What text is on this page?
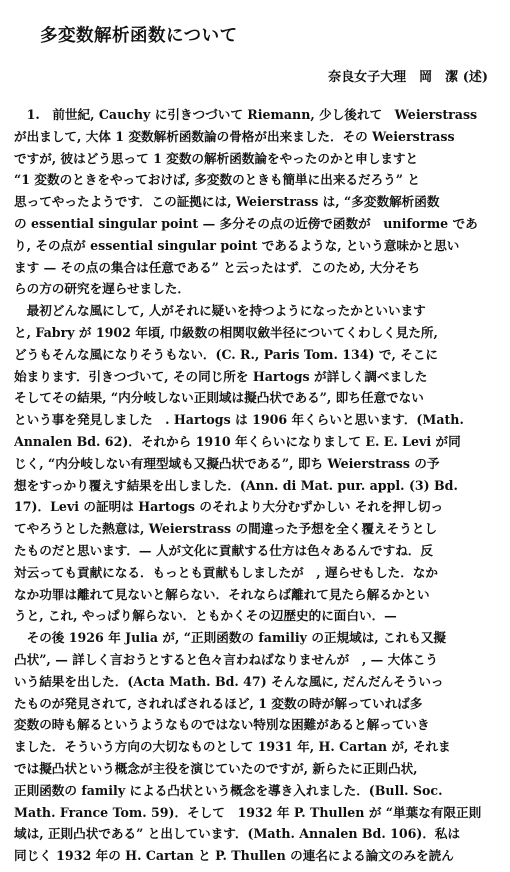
多変数解析函数について
奈良女子大理　岡　潔 (述)
　1.　前世紀, Cauchy に引きつづいて Riemann, 少し後れて　Weierstrass
が出まして, 大体 1 変数解析函数論の骨格が出来ました．その Weierstrass
ですが, 彼はどう思って 1 変数の解析函数論をやったのかと申しますと
“1 変数のときをやっておけば, 多変数のときも簡単に出来るだろう” と
思ってやったようです．この証拠には, Weierstrass は, “多変数解析函数
の essential singular point — 多分その点の近傍で函数が　uniforme であ
り, その点が essential singular point であるような, という意味かと思い
ます — その点の集合は任意である” と云ったはず．このため, 大分そち
らの方の研究を遅らせました．
　最初どんな風にして, 人がそれに疑いを持つようになったかといいます
と, Fabry が 1902 年頃, 巾級数の相関収斂半径についてくわしく見た所,
どうもそんな風になりそうもない．(C. R., Paris Tom. 134) で, そこに
始まります．引きつづいて, その同じ所を Hartogs が詳しく調べました
そしてその結果, “内分岐しない正則域は擬凸状である”, 即ち任意でない
という事を発見しました　. Hartogs は 1906 年くらいと思います．(Math.
Annalen Bd. 62)．それから 1910 年くらいになりまして E. E. Levi が同
じく, “内分岐しない有理型域も又擬凸状である”, 即ち Weierstrass の予
想をすっかり覆えす結果を出しました．(Ann. di Mat. pur. appl. (3) Bd.
17)．Levi の証明は Hartogs のそれより大分むずかしい それを押し切っ
てやろうとした熱意は, Weierstrass の間違った予想を全く覆えそうとし
たものだと思います．— 人が文化に貢献する仕方は色々あるんですね．反
対云っても貢献になる．もっとも貢献もしましたが　, 遅らせもした．なか
なか功罪は離れて見ないと解らない．それならば離れて見たら解るかとい
うと, これ, やっぱり解らない．ともかくその辺歴史的に面白い．—
　その後 1926 年 Julia が, “正則函数の familiy の正規域は, これも又擬
凸状”, — 詳しく言おうとすると色々言わねばなりませんが　, — 大体こう
いう結果を出した．(Acta Math. Bd. 47) そんな風に, だんだんそういっ
たものが発見されて, されればされるほど, 1 変数の時が解っていれば多
変数の時も解るというようなものではない特別な困難があると解っていき
ました．そういう方向の大切なものとして 1931 年, H. Cartan が, それま
では擬凸状という概念が主役を演じていたのですが, 新らたに正則凸状,
正則函数の family による凸状という概念を導き入れました．(Bull. Soc.
Math. France Tom. 59)．そして　1932 年 P. Thullen が “単葉な有限正則
域は, 正則凸状である” と出しています．(Math. Annalen Bd. 106)．私は
同じく 1932 年の H. Cartan と P. Thullen の連名による論文のみを読ん
